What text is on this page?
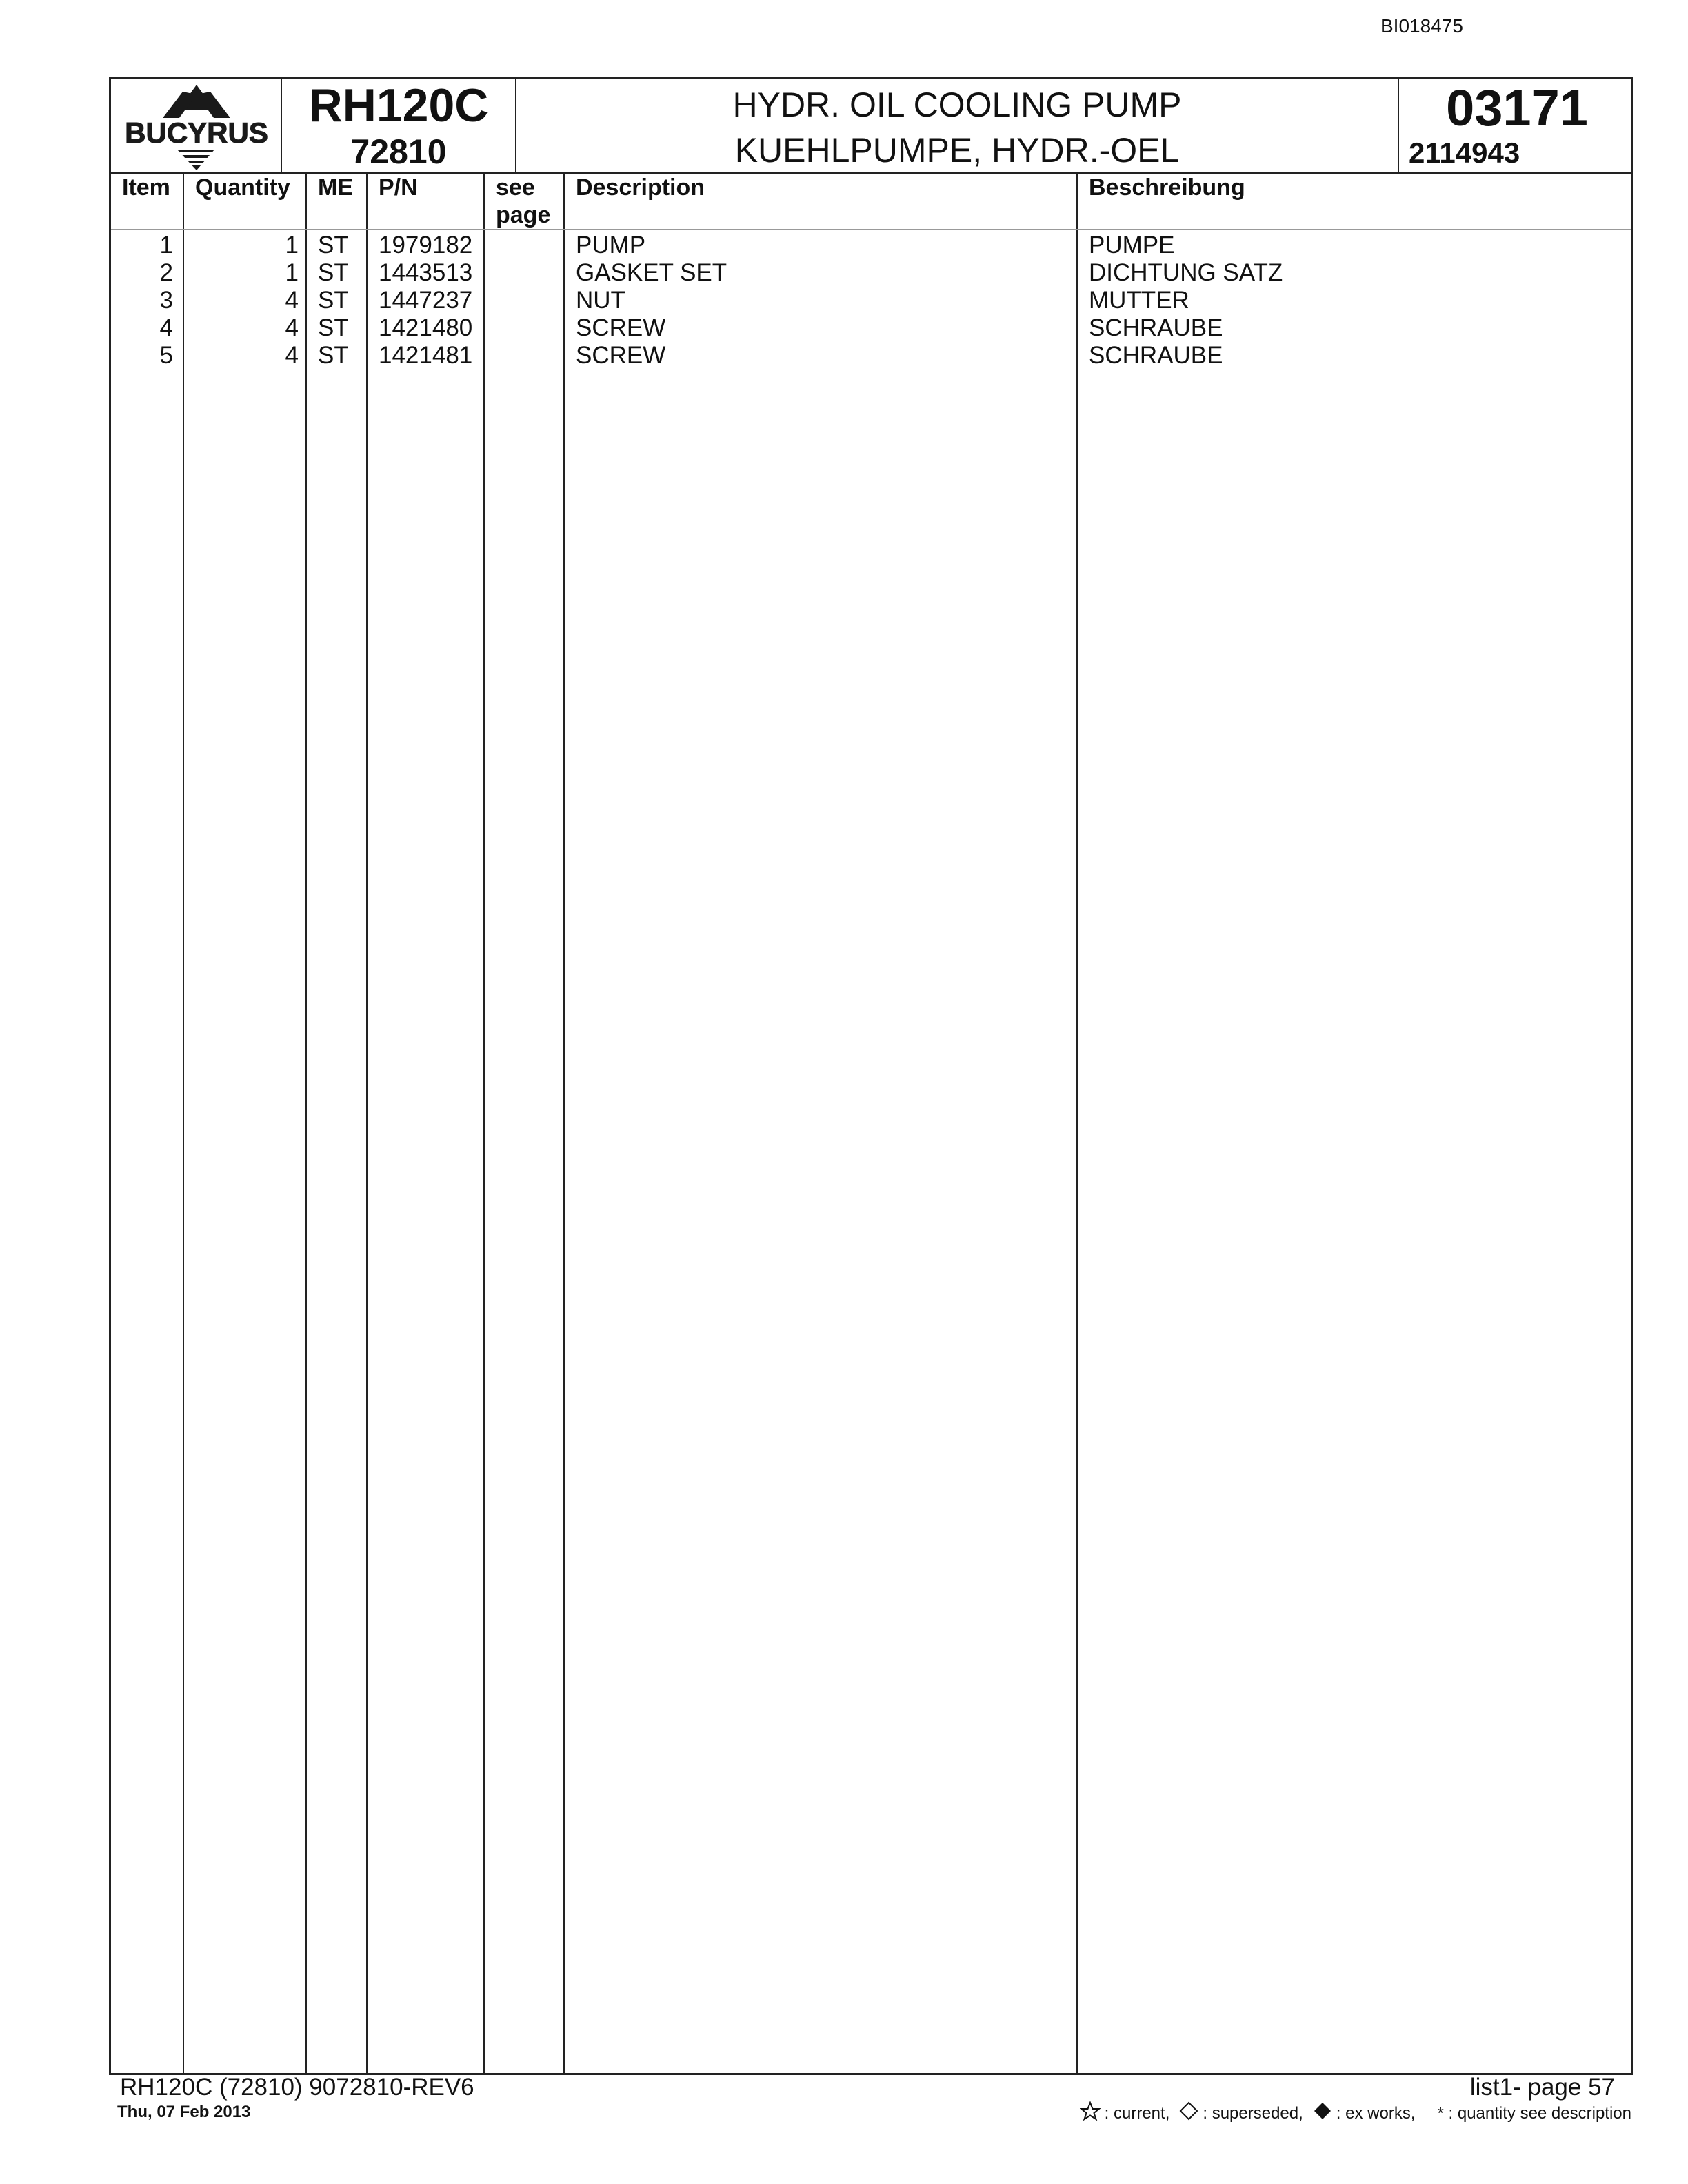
BI018475
BUCYRUS
RH120C
72810
HYDR. OIL COOLING PUMP
KUEHLPUMPE, HYDR.-OEL
03171
2114943
Item Quantity ME P/N	see
page
Description	Beschreibung
1	1 ST 1979182	PUMP	PUMPE
2	1 ST 1443513	GASKET SET	DICHTUNG SATZ
3	4 ST 1447237	NUT	MUTTER
4	4 ST 1421480	SCREW	SCHRAUBE
5	4 ST 1421481	SCREW	SCHRAUBE
RH120C (72810) 9072810-REV6
Thu, 07 Feb 2013
list1- page 57
: current, : superseded, : ex works, * : quantity see description
